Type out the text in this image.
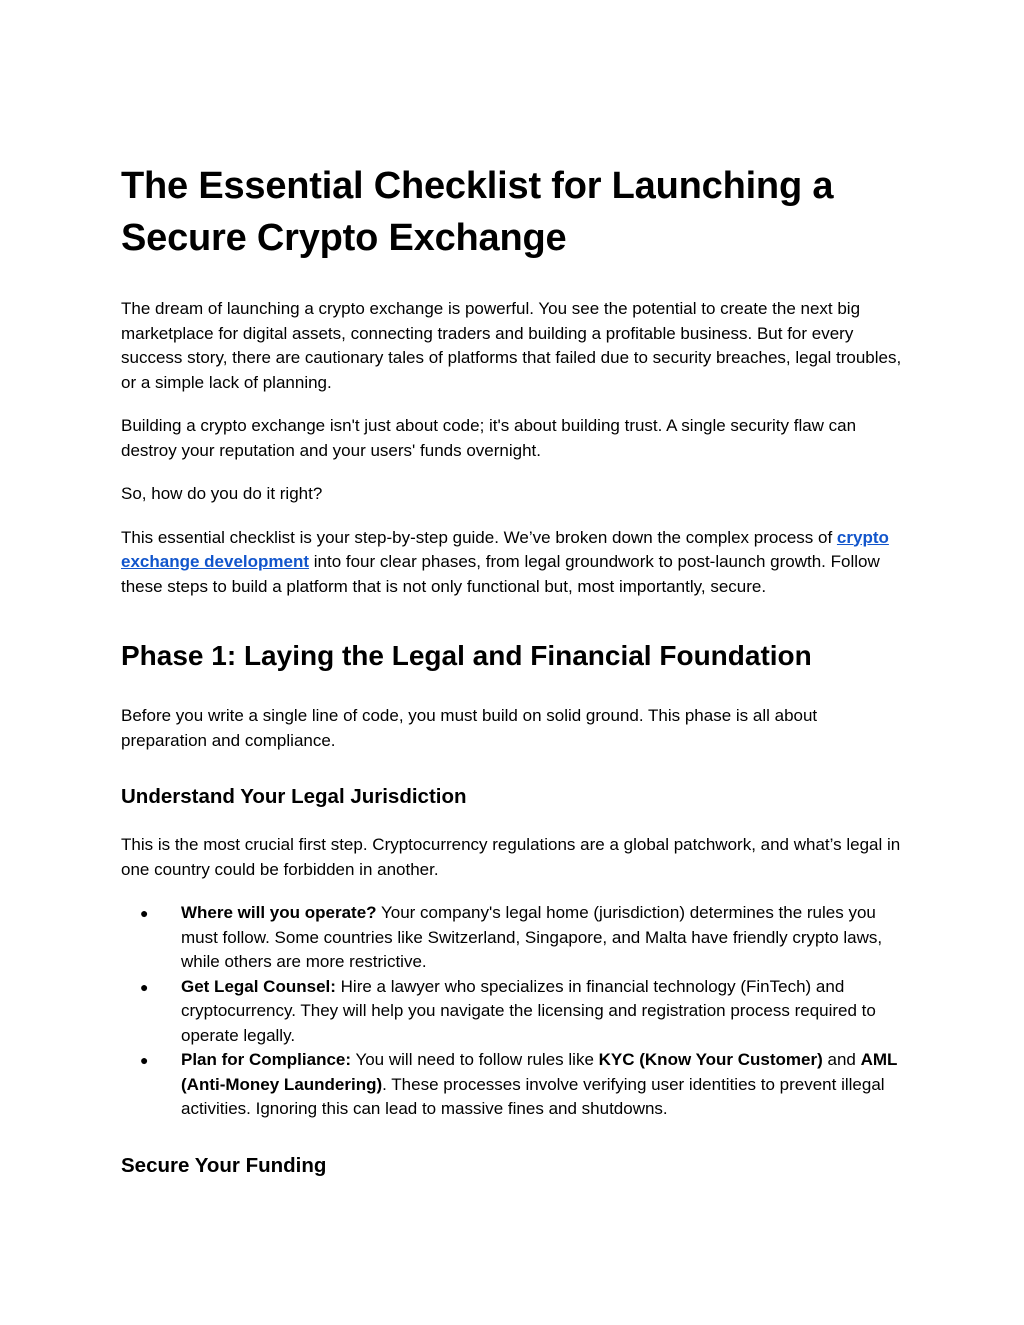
The Essential Checklist for Launching a Secure Crypto Exchange

The dream of launching a crypto exchange is powerful. You see the potential to create the next big marketplace for digital assets, connecting traders and building a profitable business. But for every success story, there are cautionary tales of platforms that failed due to security breaches, legal troubles, or a simple lack of planning.

Building a crypto exchange isn't just about code; it's about building trust. A single security flaw can destroy your reputation and your users' funds overnight.

So, how do you do it right?

This essential checklist is your step-by-step guide. We’ve broken down the complex process of crypto exchange development into four clear phases, from legal groundwork to post-launch growth. Follow these steps to build a platform that is not only functional but, most importantly, secure.

Phase 1: Laying the Legal and Financial Foundation

Before you write a single line of code, you must build on solid ground. This phase is all about preparation and compliance.

Understand Your Legal Jurisdiction

This is the most crucial first step. Cryptocurrency regulations are a global patchwork, and what’s legal in one country could be forbidden in another.

● Where will you operate? Your company's legal home (jurisdiction) determines the rules you must follow. Some countries like Switzerland, Singapore, and Malta have friendly crypto laws, while others are more restrictive.
● Get Legal Counsel: Hire a lawyer who specializes in financial technology (FinTech) and cryptocurrency. They will help you navigate the licensing and registration process required to operate legally.
● Plan for Compliance: You will need to follow rules like KYC (Know Your Customer) and AML (Anti-Money Laundering). These processes involve verifying user identities to prevent illegal activities. Ignoring this can lead to massive fines and shutdowns.
Secure Your Funding
